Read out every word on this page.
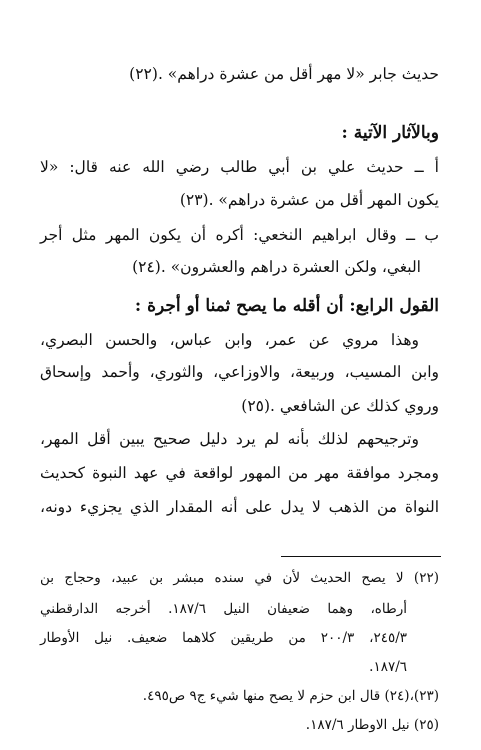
حديث جابر «لا مهر أقل من عشرة دراهم» .(٢٢)
وبالآثار الآتية :
أ ــ حديث علي بن أبي طالب رضي الله عنه قال: «لا
يكون المهر أقل من عشرة دراهم» .(٢٣)
ب ــ وقال ابراهيم النخعي: أكره أن يكون المهر مثل أجر
البغي، ولكن العشرة دراهم والعشرون» .(٢٤)
القول الرابع: أن أقله ما يصح ثمنا أو أجرة :
وهذا مروي عن عمر، وابن عباس، والحسن البصري،
وابن المسيب، وربيعة، والاوزاعي، والثوري، وأحمد وإسحاق
وروي كذلك عن الشافعي .(٢٥)
وترجيحهم لذلك بأنه لم يرد دليل صحيح يبين أقل المهر،
ومجرد موافقة مهر من المهور لواقعة في عهد النبوة كحديث
النواة من الذهب لا يدل على أنه المقدار الذي يجزيء دونه،
(٢٢) لا يصح الحديث لأن في سنده مبشر بن عبيد، وحجاج بن
أرطاه، وهما ضعيفان النيل ١٨٧/٦. أخرجه الدارقطني
٢٤٥/٣، ٢٠٠/٣ من طريقين كلاهما ضعيف. نيل الأوطار
١٨٧/٦.
(٢٣)،(٢٤) قال ابن حزم لا يصح منها شيء ج٩ ص٤٩٥.
(٢٥) نيل الاوطار ١٨٧/٦.
